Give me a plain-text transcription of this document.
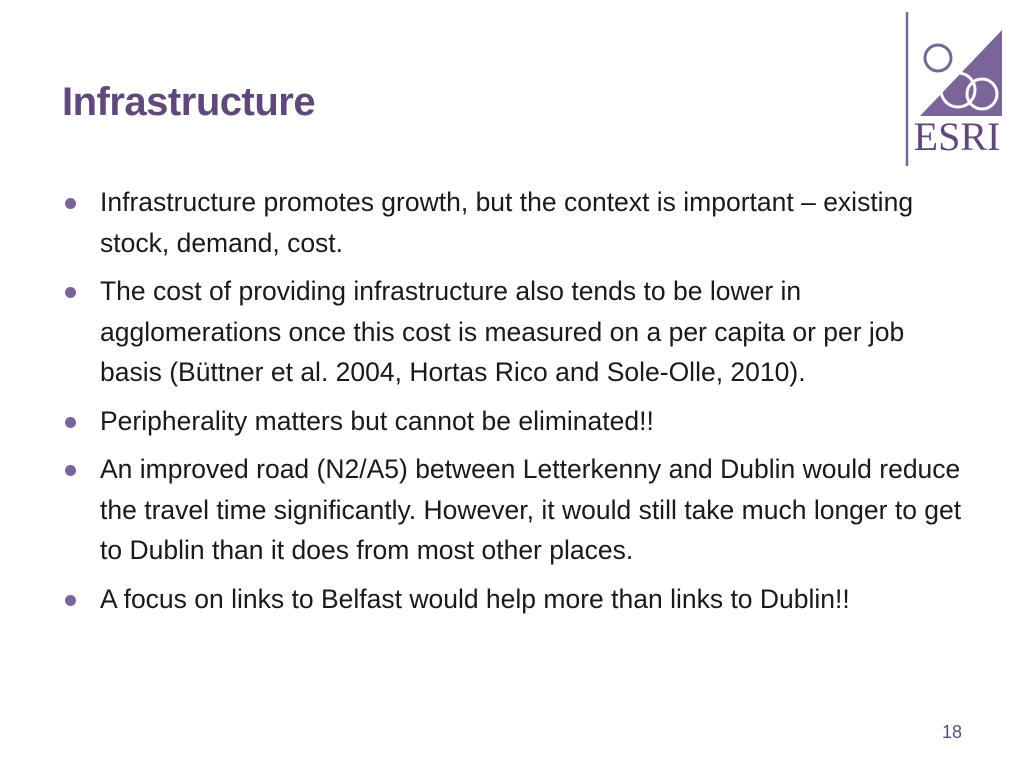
Infrastructure
ESRI
Infrastructure promotes growth, but the context is important – existing stock, demand, cost.
The cost of providing infrastructure also tends to be lower in agglomerations once this cost is measured on a per capita or per job basis (Büttner et al. 2004, Hortas Rico and Sole-Olle, 2010).
Peripherality matters but cannot be eliminated!!
An improved road (N2/A5) between Letterkenny and Dublin would reduce the travel time significantly. However, it would still take much longer to get to Dublin than it does from most other places.
A focus on links to Belfast would help more than links to Dublin!!
18
